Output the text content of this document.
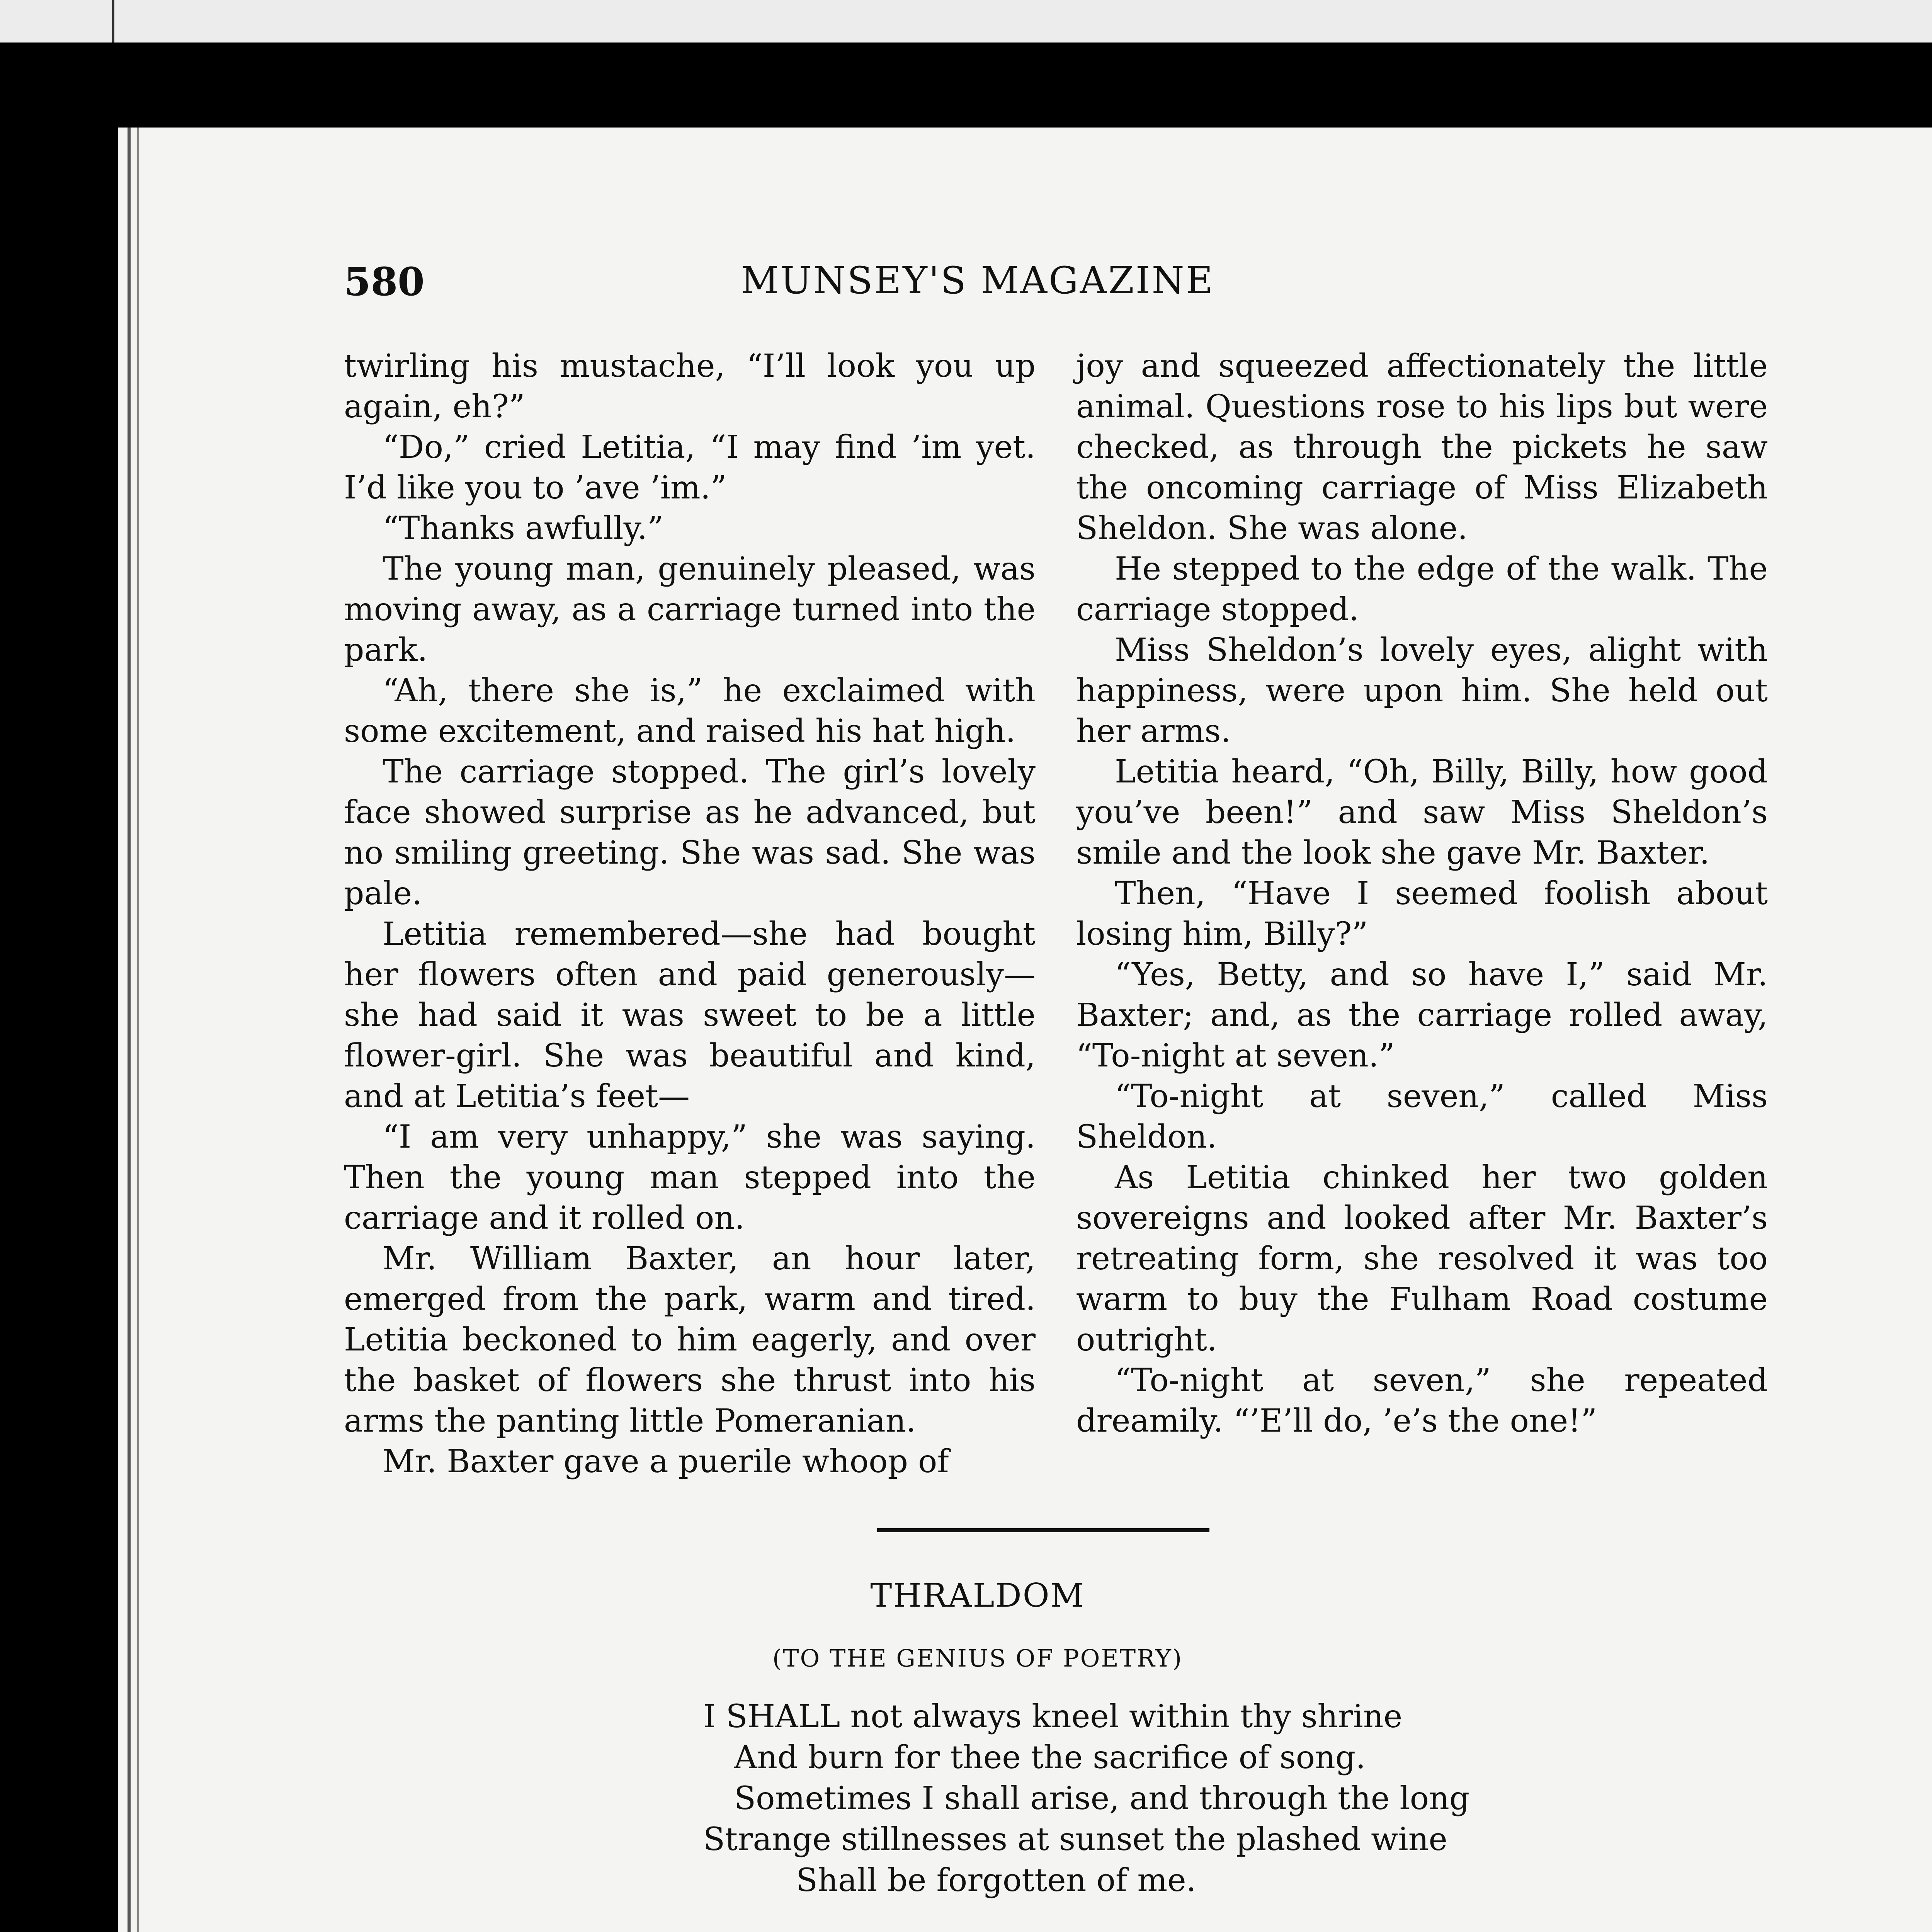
MUNSEY'S MAGAZINE
580

twirling his mustache, “I’ll look you up again, eh?”

“Do,” cried Letitia, “I may find ’im yet. I’d like you to ’ave ’im.”

“Thanks awfully.”

The young man, genuinely pleased, was moving away, as a carriage turned into the park.

“Ah, there she is,” he exclaimed with some excitement, and raised his hat high.

The carriage stopped. The girl’s lovely face showed surprise as he advanced, but no smiling greeting. She was sad. She was pale.

Letitia remembered—she had bought her flowers often and paid generously—she had said it was sweet to be a little flower-girl. She was beautiful and kind, and at Letitia’s feet—

“I am very unhappy,” she was saying. Then the young man stepped into the carriage and it rolled on.

Mr. William Baxter, an hour later, emerged from the park, warm and tired. Letitia beckoned to him eagerly, and over the basket of flowers she thrust into his arms the panting little Pomeranian.

Mr. Baxter gave a puerile whoop of

joy and squeezed affectionately the little animal. Questions rose to his lips but were checked, as through the pickets he saw the oncoming carriage of Miss Elizabeth Sheldon. She was alone.

He stepped to the edge of the walk. The carriage stopped.

Miss Sheldon’s lovely eyes, alight with happiness, were upon him. She held out her arms.

Letitia heard, “Oh, Billy, Billy, how good you’ve been!” and saw Miss Sheldon’s smile and the look she gave Mr. Baxter.

Then, “Have I seemed foolish about losing him, Billy?”

“Yes, Betty, and so have I,” said Mr. Baxter; and, as the carriage rolled away, “To-night at seven.”

“To-night at seven,” called Miss Sheldon.

As Letitia chinked her two golden sovereigns and looked after Mr. Baxter’s retreating form, she resolved it was too warm to buy the Fulham Road costume outright.

“To-night at seven,” she repeated dreamily. “’E’ll do, ’e’s the one!”

THRALDOM
(TO THE GENIUS OF POETRY)
I SHALL not always kneel within thy shrine
And burn for thee the sacrifice of song.
Sometimes I shall arise, and through the long
Strange stillnesses at sunset the plashed wine
Shall be forgotten of me.
